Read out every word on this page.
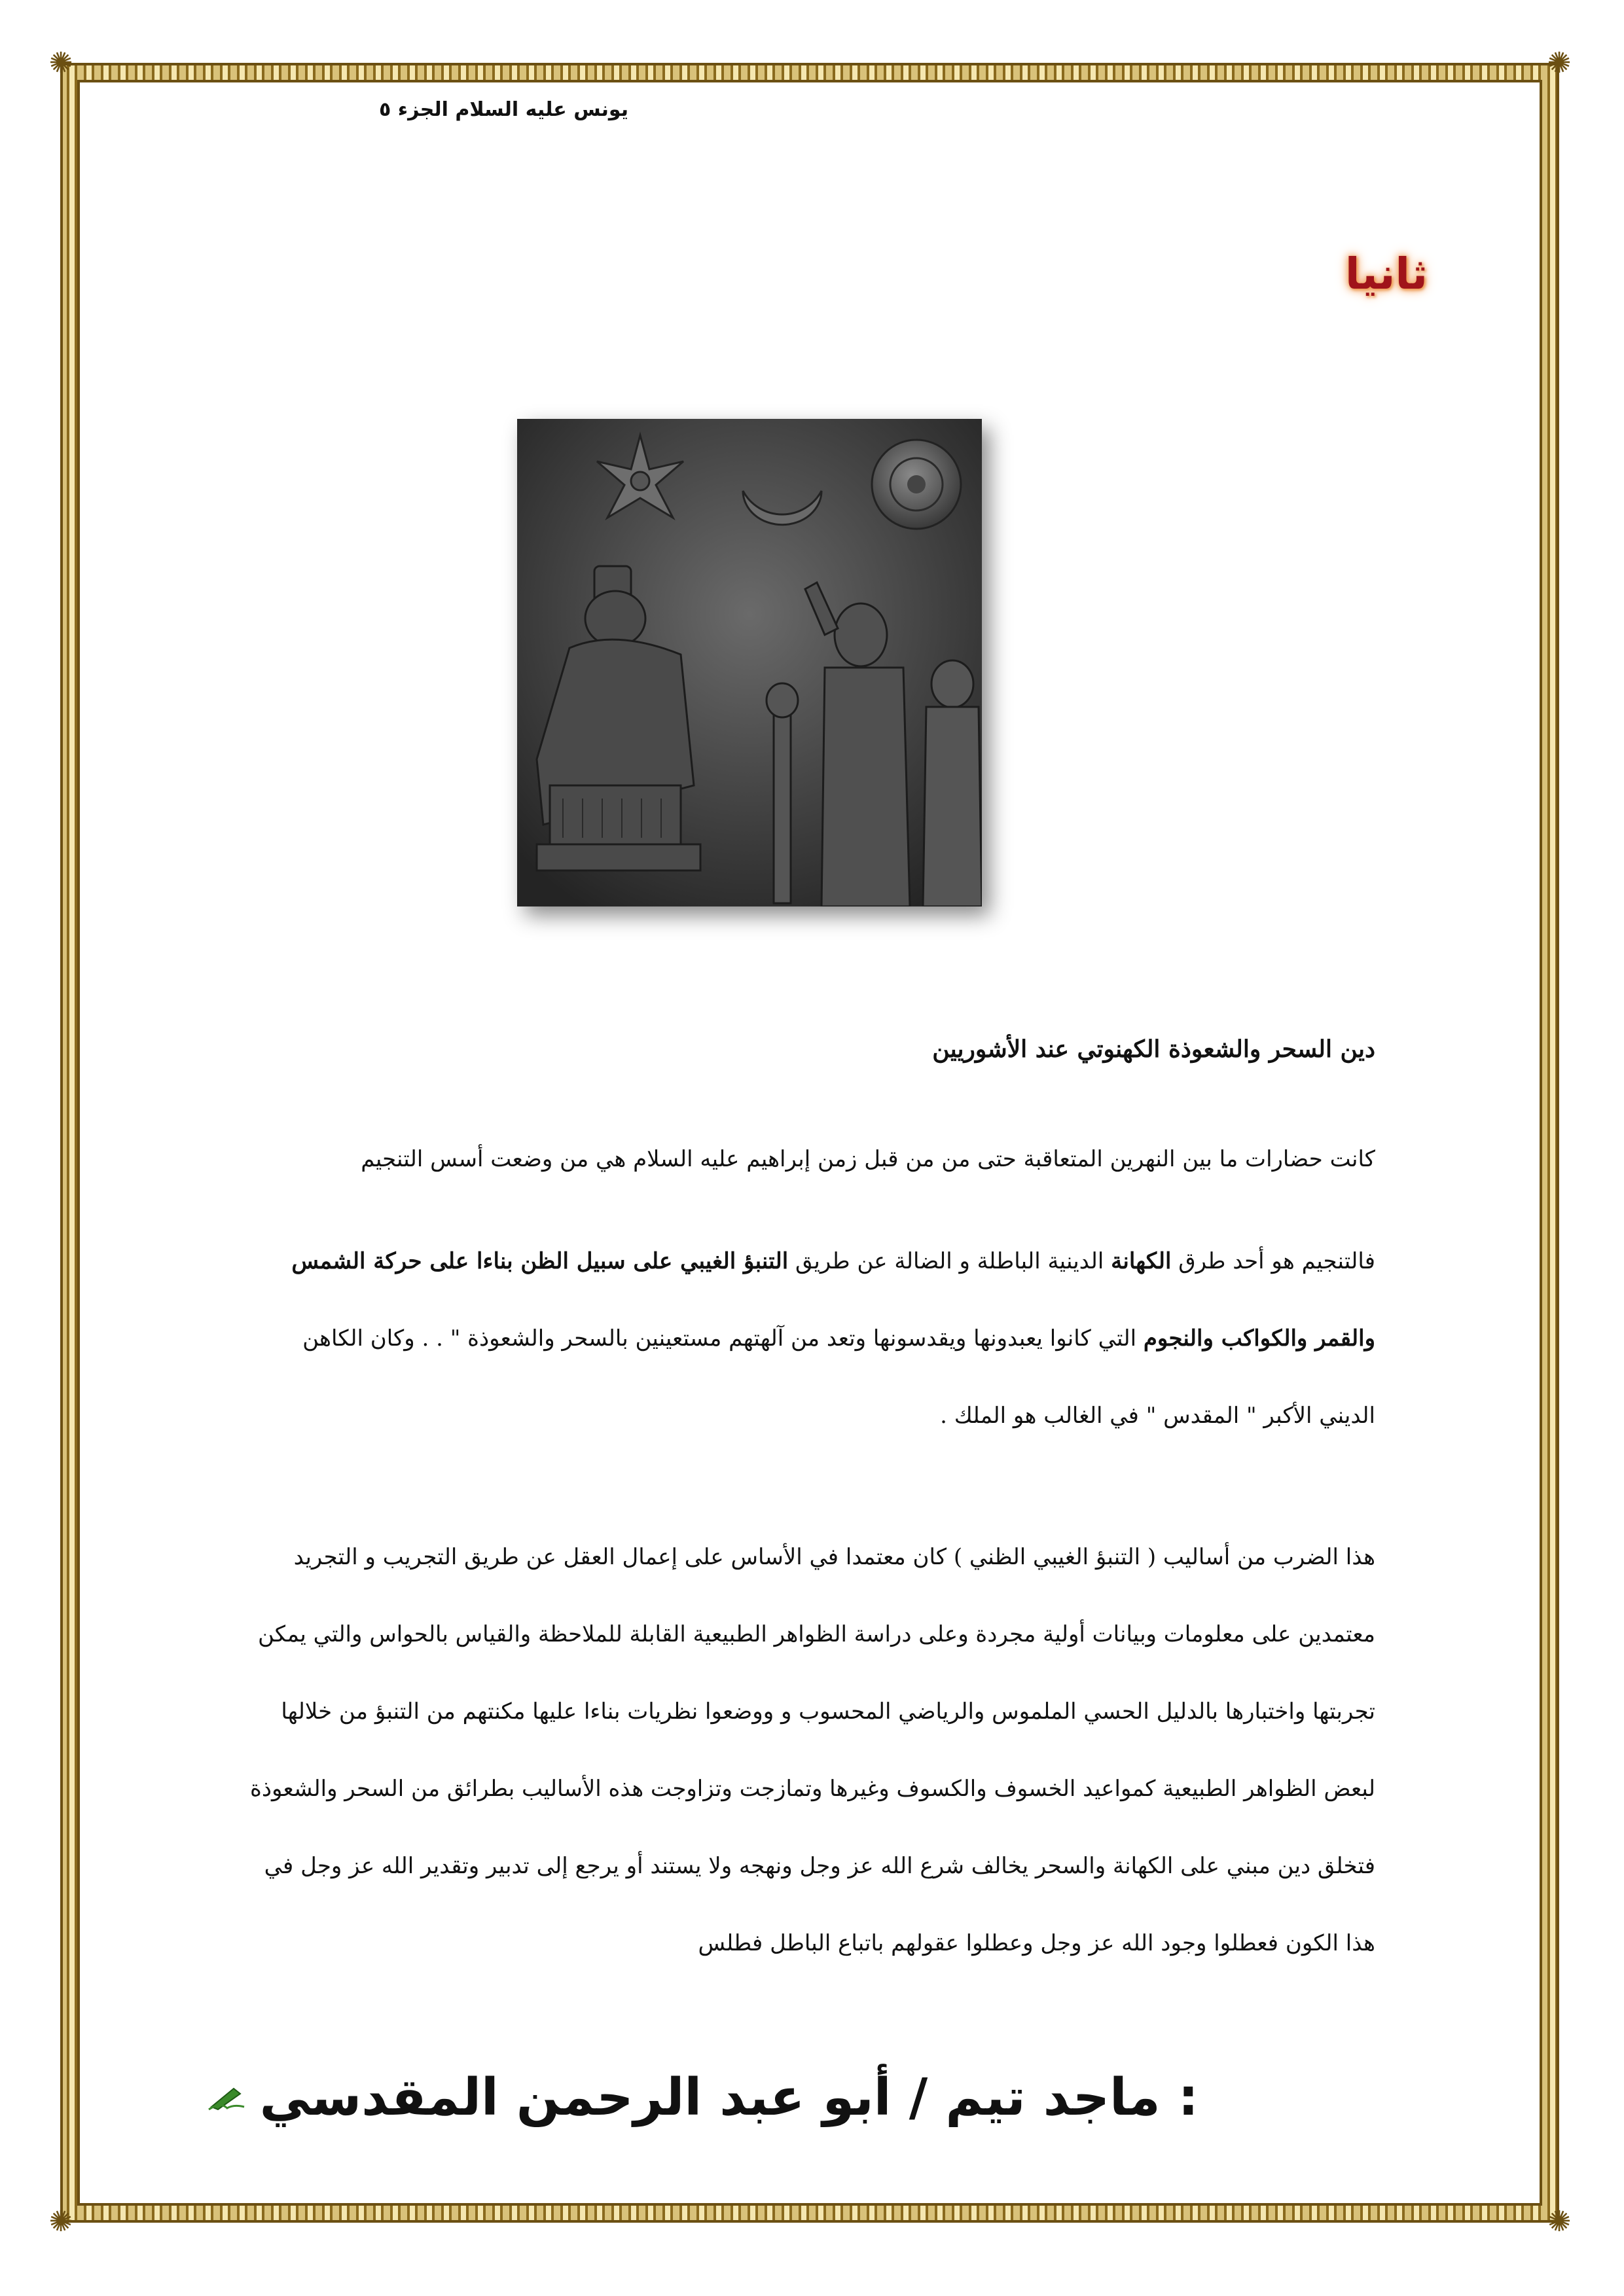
✺	✺
✺	✺
يونس عليه السلام الجزء ٥
ثانيا
دين السحر والشعوذة الكهنوتي عند الأشوريين
كانت حضارات ما بين النهرين المتعاقبة حتى من من قبل زمن إبراهيم عليه السلام هي من وضعت أسس التنجيم
فالتنجيم هو أحد طرق الكهانة الدينية الباطلة و الضالة عن طريق التنبؤ الغيبي على سبيل الظن بناءا على حركة الشمس والقمر والكواكب والنجوم التي كانوا يعبدونها ويقدسونها وتعد من آلهتهم مستعينين بالسحر والشعوذة " . . وكان الكاهن الديني الأكبر " المقدس " في الغالب هو الملك .
هذا الضرب من أساليب ( التنبؤ الغيبي الظني ) كان معتمدا في الأساس على إعمال العقل عن طريق التجريب و التجريد معتمدين على معلومات وبيانات أولية مجردة وعلى دراسة الظواهر الطبيعية القابلة للملاحظة والقياس بالحواس والتي يمكن تجربتها واختبارها بالدليل الحسي الملموس والرياضي المحسوب و ووضعوا نظريات بناءا عليها مكنتهم من التنبؤ من خلالها لبعض الظواهر الطبيعية كمواعيد الخسوف والكسوف وغيرها وتمازجت وتزاوجت هذه الأساليب بطرائق من السحر والشعوذة فتخلق دين مبني على الكهانة والسحر يخالف شرع الله عز وجل ونهجه ولا يستند أو يرجع إلى تدبير وتقدير الله عز وجل في هذا الكون فعطلوا وجود الله عز وجل وعطلوا عقولهم باتباع الباطل فطلس
: ماجد تيم / أبو عبد الرحمن المقدسي
